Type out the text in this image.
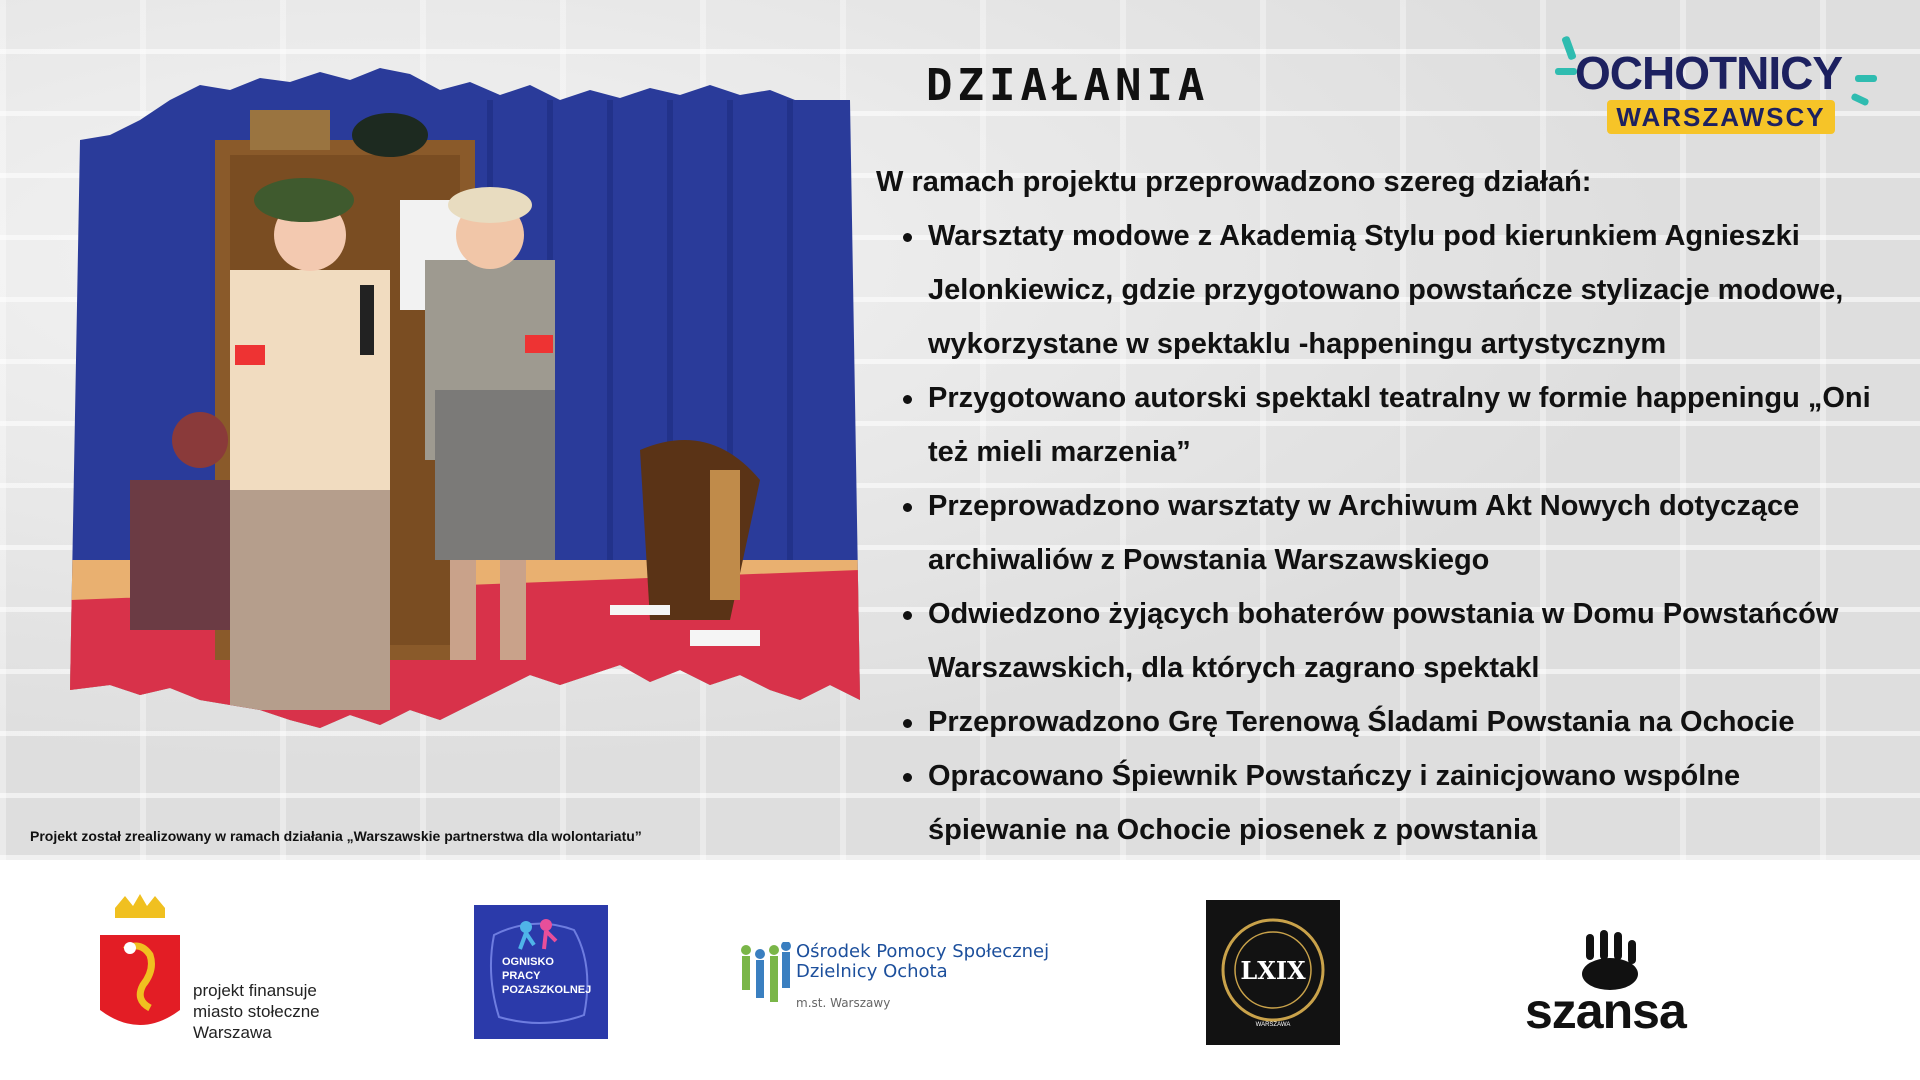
DZIAŁANIA	OCHOTNICY
WARSZAWSCY

W ramach projektu przeprowadzono szereg działań:

Warsztaty modowe z Akademią Stylu pod kierunkiem Agnieszki Jelonkiewicz, gdzie przygotowano powstańcze stylizacje modowe, wykorzystane w spektaklu -happeningu artystycznym
Przygotowano autorski spektakl teatralny w formie happeningu „Oni też mieli marzenia”
Przeprowadzono warsztaty w Archiwum Akt Nowych dotyczące archiwaliów z Powstania Warszawskiego
Odwiedzono żyjących bohaterów powstania w Domu Powstańców Warszawskich, dla których zagrano spektakl
Przeprowadzono Grę Terenową Śladami Powstania na Ochocie
Opracowano Śpiewnik Powstańczy i zainicjowano wspólne śpiewanie na Ochocie piosenek z powstania
Projekt został zrealizowany w ramach działania „Warszawskie partnerstwa dla wolontariatu”
projekt finansuje
miasto stołeczne
Warszawa
OGNISKO
PRACY
POZASZKOLNEJ
Ośrodek Pomocy Społecznej
Dzielnicy Ochota
m.st. Warszawy
LXIX
WARSZAWA	szansa
